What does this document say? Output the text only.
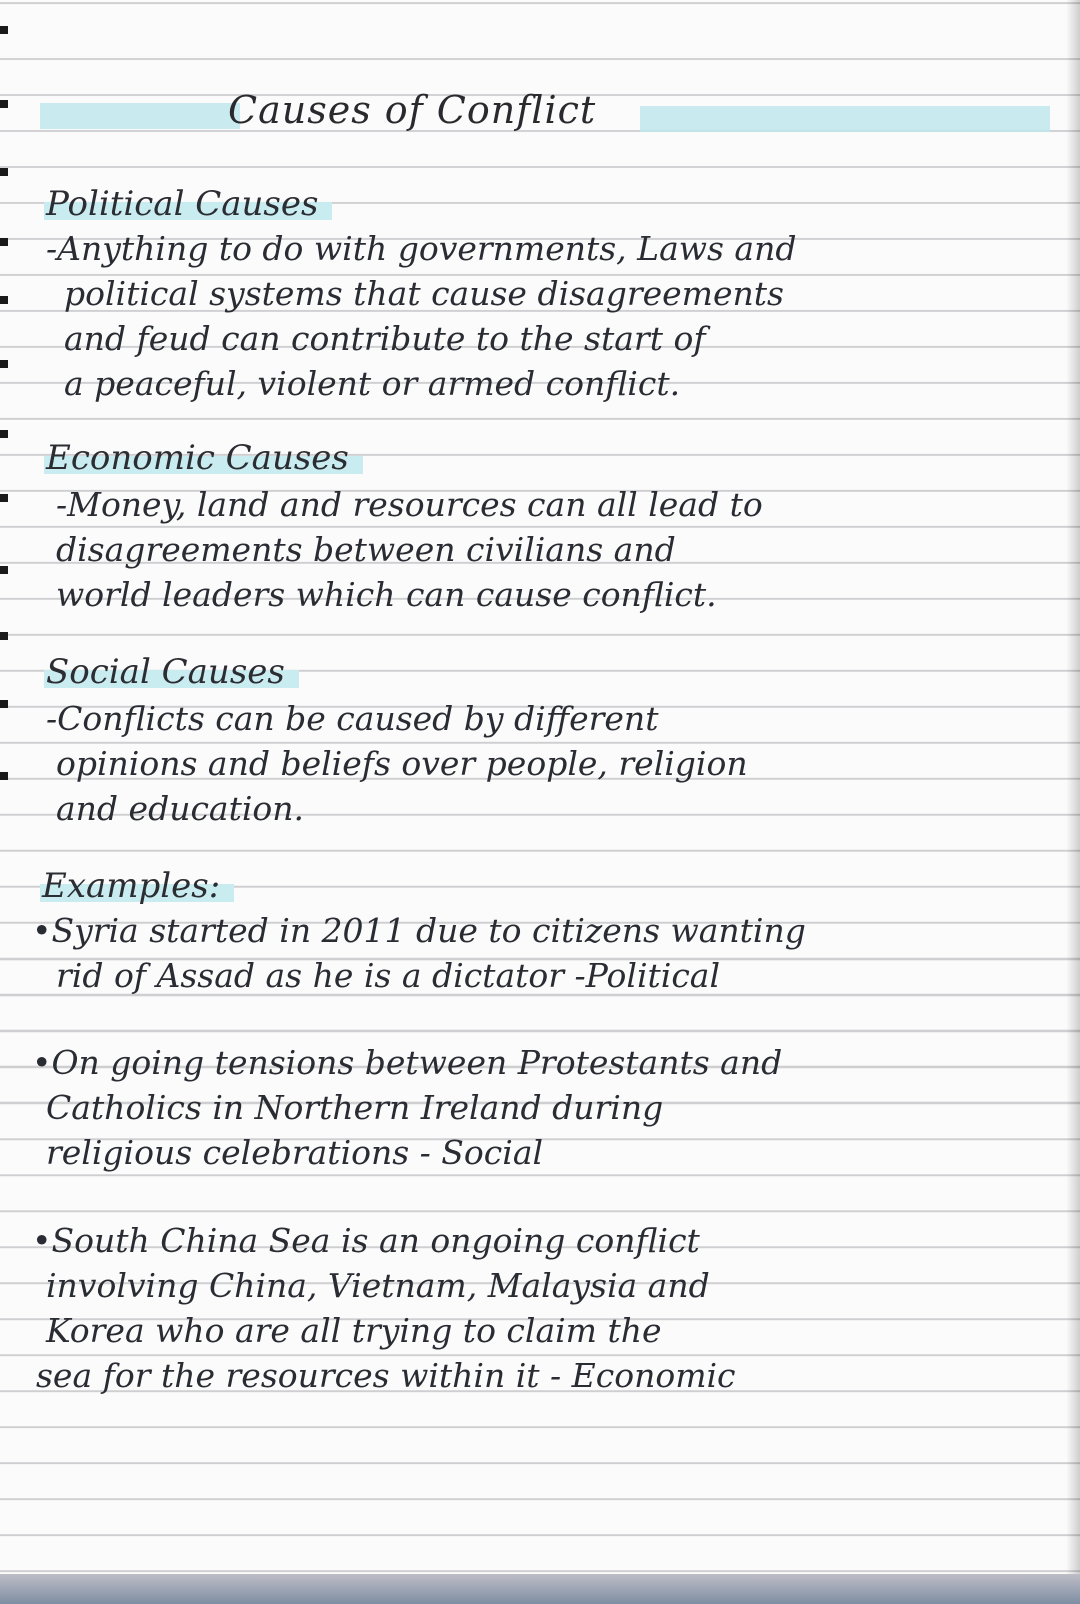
Causes of Conflict
Political Causes
-Anything to do with governments, Laws and
political systems that cause disagreements
and feud can contribute to the start of
a peaceful, violent or armed conflict.
Economic Causes
-Money, land and resources can all lead to
disagreements between civilians and
world leaders which can cause conflict.
Social Causes
-Conflicts can be caused by different
opinions and beliefs over people, religion
and education.
Examples:
•Syria started in 2011 due to citizens wanting
rid of Assad as he is a dictator -Political
•On going tensions between Protestants and
Catholics in Northern Ireland during
religious celebrations - Social
•South China Sea is an ongoing conflict
involving China, Vietnam, Malaysia and
Korea who are all trying to claim the
sea for the resources within it - Economic
